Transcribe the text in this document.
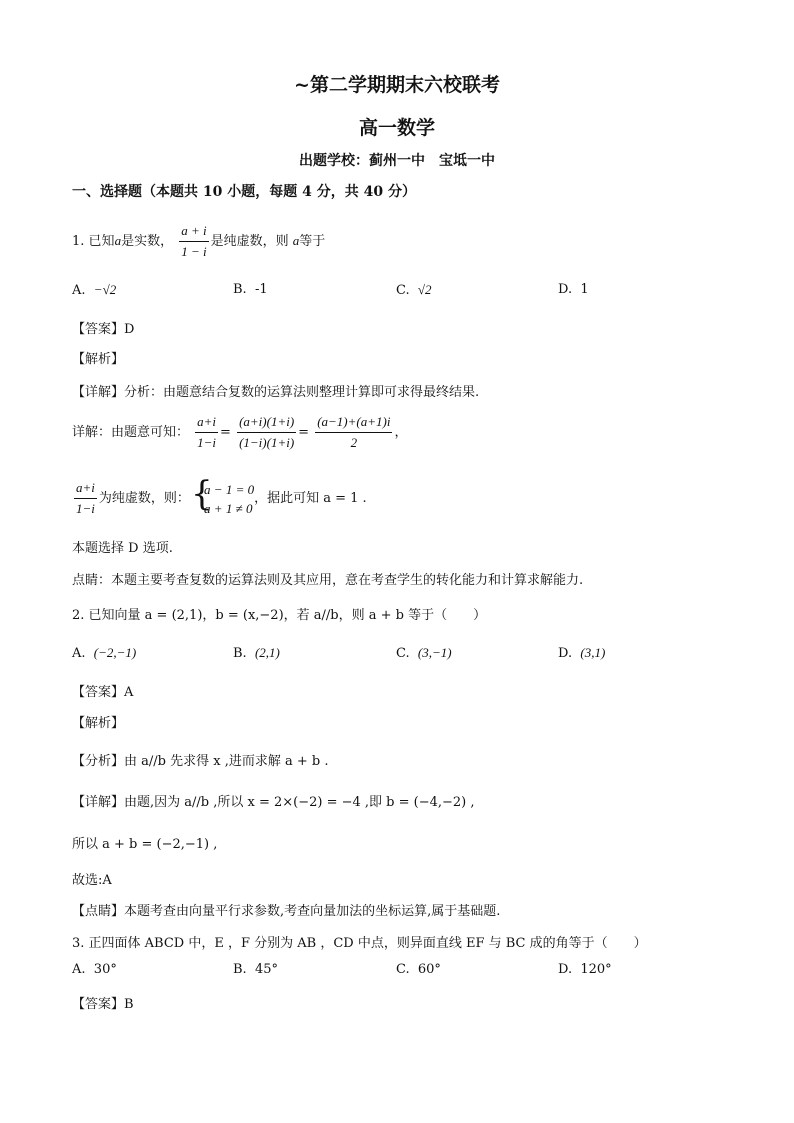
~第二学期期末六校联考
高一数学
出题学校：蓟州一中　宝坻一中
一、选择题（本题共 10 小题，每题 4 分，共 40 分）
1. 已知a是实数， $\frac{a + i}{1 - i}$ 是纯虚数，则 a等于
A. −√2	B. -1	C. √2	D. 1
【答案】D
【解析】
【详解】分析：由题意结合复数的运算法则整理计算即可求得最终结果.
详解：由题意可知： $\frac{a+i}{1-i} = \frac{(a+i)(1+i)}{(1-i)(1+i)} = \frac{(a-1)+(a+1)i}{2}$ ，
$\frac{a+i}{1-i}$ 为纯虚数，则：
{ a − 1 = 0
a + 1 ≠ 0
，据此可知 a = 1 .
本题选择 D 选项.
点睛：本题主要考查复数的运算法则及其应用，意在考查学生的转化能力和计算求解能力.
2. 已知向量 a = (2,1)，b = (x,−2)，若 a//b，则 a + b 等于（　　）
A. (−2,−1)	B. (2,1)	C. (3,−1)	D. (3,1)
【答案】A
【解析】
【分析】由 a//b 先求得 x ,进而求解 a + b .
【详解】由题,因为 a//b ,所以 x = 2×(−2) = −4 ,即 b = (−4,−2) ,
所以 a + b = (−2,−1) ,
故选:A
【点睛】本题考查由向量平行求参数,考查向量加法的坐标运算,属于基础题.
3. 正四面体 ABCD 中，E ，F 分别为 AB ，CD 中点，则异面直线 EF 与 BC 成的角等于（　　）
A. 30°	B. 45°	C. 60°	D. 120°
【答案】B
